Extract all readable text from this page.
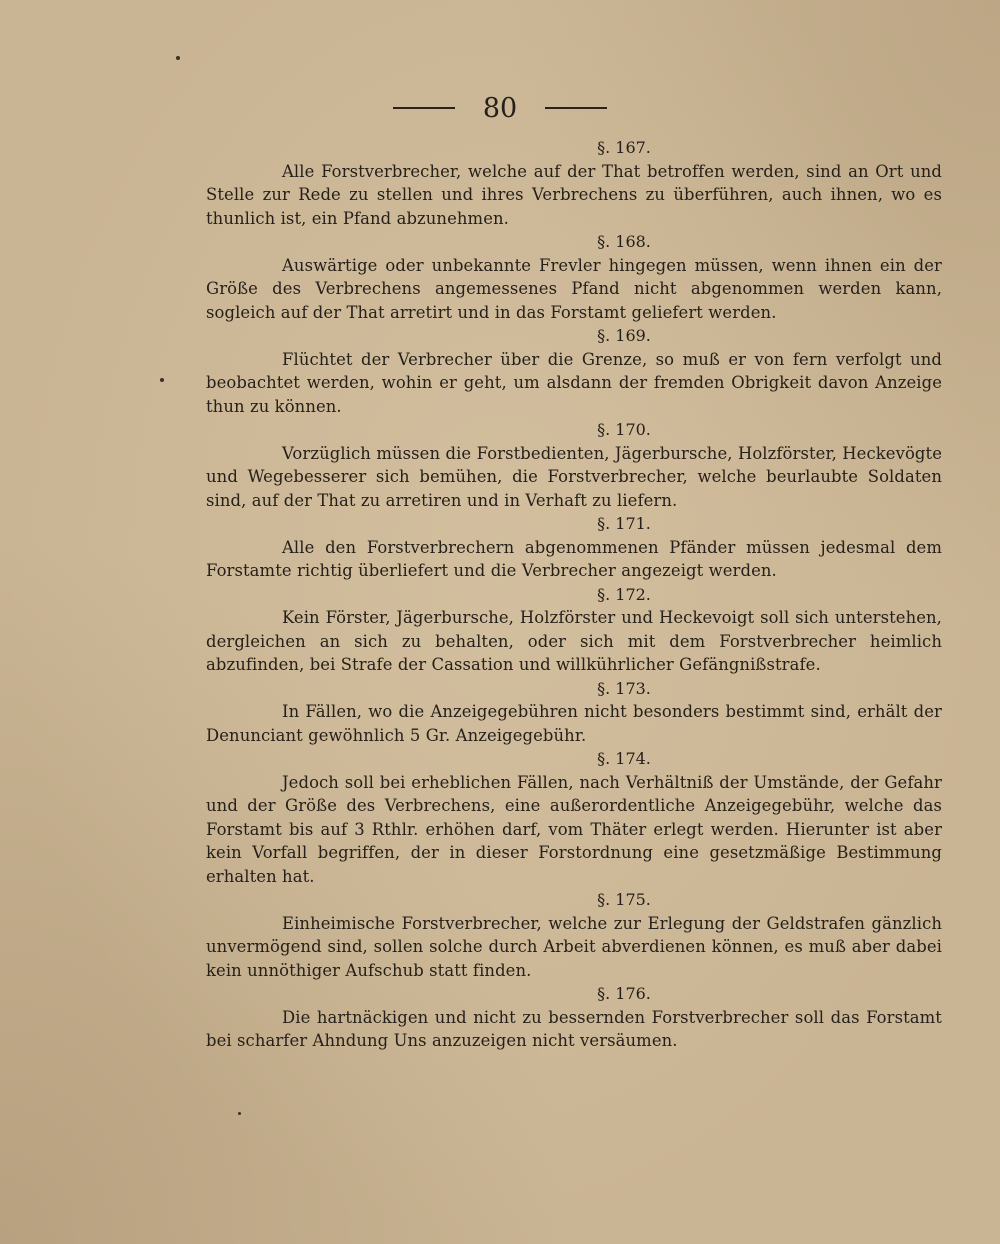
80
§. 167.

Alle Forstverbrecher, welche auf der That betroffen werden, sind an Ort und Stelle zur Rede zu stellen und ihres Verbrechens zu überführen, auch ihnen, wo es thunlich ist, ein Pfand abzunehmen.

§. 168.

Auswärtige oder unbekannte Frevler hingegen müssen, wenn ihnen ein der Größe des Verbrechens angemessenes Pfand nicht abgenommen werden kann, sogleich auf der That arretirt und in das Forstamt geliefert werden.

§. 169.

Flüchtet der Verbrecher über die Grenze, so muß er von fern verfolgt und beobachtet werden, wohin er geht, um alsdann der fremden Obrigkeit davon Anzeige thun zu können.

§. 170.

Vorzüglich müssen die Forstbedienten, Jägerbursche, Holzförster, Heckevögte und Wegebesserer sich bemühen, die Forstverbrecher, welche beurlaubte Soldaten sind, auf der That zu arretiren und in Verhaft zu liefern.

§. 171.

Alle den Forstverbrechern abgenommenen Pfänder müssen jedesmal dem Forstamte richtig überliefert und die Verbrecher angezeigt werden.

§. 172.

Kein Förster, Jägerbursche, Holzförster und Heckevoigt soll sich unterstehen, dergleichen an sich zu behalten, oder sich mit dem Forstverbrecher heimlich abzufinden, bei Strafe der Cassation und willkührlicher Gefängnißstrafe.

§. 173.

In Fällen, wo die Anzeigegebühren nicht besonders bestimmt sind, erhält der Denunciant gewöhnlich 5 Gr. Anzeigegebühr.

§. 174.

Jedoch soll bei erheblichen Fällen, nach Verhältniß der Umstände, der Gefahr und der Größe des Verbrechens, eine außerordentliche Anzeigegebühr, welche das Forstamt bis auf 3 Rthlr. erhöhen darf, vom Thäter erlegt werden. Hierunter ist aber kein Vorfall begriffen, der in dieser Forstordnung eine gesetzmäßige Bestimmung erhalten hat.

§. 175.

Einheimische Forstverbrecher, welche zur Erlegung der Geldstrafen gänzlich unvermögend sind, sollen solche durch Arbeit abverdienen können, es muß aber dabei kein unnöthiger Aufschub statt finden.

§. 176.

Die hartnäckigen und nicht zu bessernden Forstverbrecher soll das Forstamt bei scharfer Ahndung Uns anzuzeigen nicht versäumen.
